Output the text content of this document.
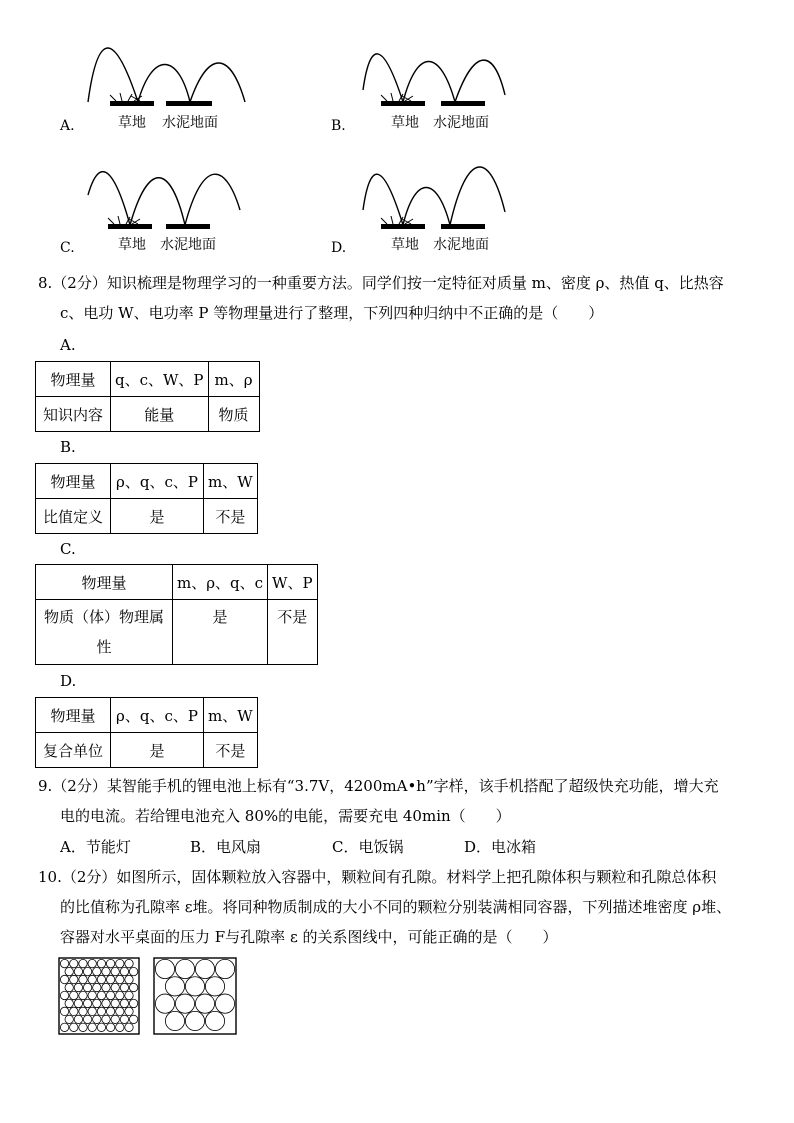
A.	草地 水泥地面	B.	草地 水泥地面
C.	草地 水泥地面	D.	草地 水泥地面
8.（2分）知识梳理是物理学习的一种重要方法。同学们按一定特征对质量 m、密度 ρ、热值 q、比热容
c、电功 W、电功率 P 等物理量进行了整理，下列四种归纳中不正确的是（　　）
A.
物理量	q、c、W、P	m、ρ
知识内容	能量	物质
B.
物理量	ρ、q、c、P	m、W
比值定义	是	不是
C.
物理量	m、ρ、q、c	W、P
物质（体）物理属性	是	不是
D.
物理量	ρ、q、c、P	m、W
复合单位	是	不是
9.（2分）某智能手机的锂电池上标有“3.7V，4200mA•h”字样，该手机搭配了超级快充功能，增大充
电的电流。若给锂电池充入 80%的电能，需要充电 40min（　　）
A．节能灯	B．电风扇	C．电饭锅	D．电冰箱
10.（2分）如图所示，固体颗粒放入容器中，颗粒间有孔隙。材料学上把孔隙体积与颗粒和孔隙总体积
的比值称为孔隙率 ε堆。将同种物质制成的大小不同的颗粒分别装满相同容器，下列描述堆密度 ρ堆、
容器对水平桌面的压力 F与孔隙率 ε 的关系图线中，可能正确的是（　　）
